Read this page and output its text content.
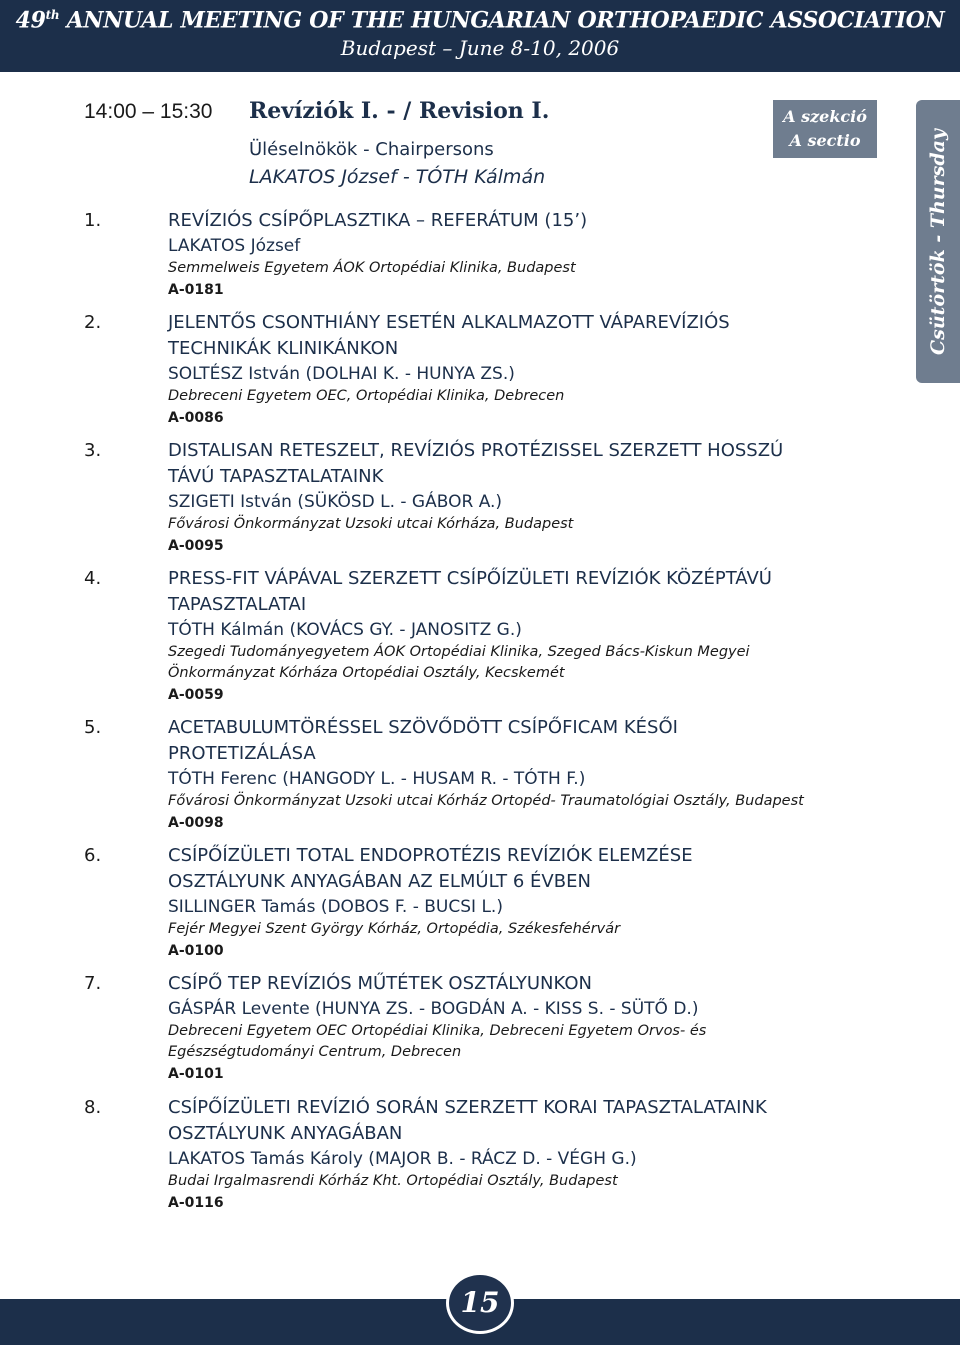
49th ANNUAL MEETING OF THE HUNGARIAN ORTHOPAEDIC ASSOCIATION
Budapest – June 8-10, 2006
14:00 – 15:30 Revíziók I. - / Revision I.
Üléselnökök - Chairpersons
LAKATOS József - TÓTH Kálmán
A szekció
A sectio	Csütörtök - Thursday
1.	REVÍZIÓS CSÍPŐPLASZTIKA – REFERÁTUM (15’)
LAKATOS József
Semmelweis Egyetem ÁOK Ortopédiai Klinika, Budapest
A-0181
2.	JELENTŐS CSONTHIÁNY ESETÉN ALKALMAZOTT VÁPAREVÍZIÓS
TECHNIKÁK KLINIKÁNKON
SOLTÉSZ István (DOLHAI K. - HUNYA ZS.)
Debreceni Egyetem OEC, Ortopédiai Klinika, Debrecen
A-0086
3.	DISTALISAN RETESZELT, REVÍZIÓS PROTÉZISSEL SZERZETT HOSSZÚ
TÁVÚ TAPASZTALATAINK
SZIGETI István (SÜKÖSD L. - GÁBOR A.)
Fővárosi Önkormányzat Uzsoki utcai Kórháza, Budapest
A-0095
4.	PRESS-FIT VÁPÁVAL SZERZETT CSÍPŐÍZÜLETI REVÍZIÓK KÖZÉPTÁVÚ
TAPASZTALATAI
TÓTH Kálmán (KOVÁCS GY. - JANOSITZ G.)
Szegedi Tudományegyetem ÁOK Ortopédiai Klinika, Szeged Bács-Kiskun Megyei
Önkormányzat Kórháza Ortopédiai Osztály, Kecskemét
A-0059
5.	ACETABULUMTÖRÉSSEL SZÖVŐDÖTT CSÍPŐFICAM KÉSŐI
PROTETIZÁLÁSA
TÓTH Ferenc (HANGODY L. - HUSAM R. - TÓTH F.)
Fővárosi Önkormányzat Uzsoki utcai Kórház Ortopéd- Traumatológiai Osztály, Budapest
A-0098
6.	CSÍPŐÍZÜLETI TOTAL ENDOPROTÉZIS REVÍZIÓK ELEMZÉSE
OSZTÁLYUNK ANYAGÁBAN AZ ELMÚLT 6 ÉVBEN
SILLINGER Tamás (DOBOS F. - BUCSI L.)
Fejér Megyei Szent György Kórház, Ortopédia, Székesfehérvár
A-0100
7.	CSÍPŐ TEP REVÍZIÓS MŰTÉTEK OSZTÁLYUNKON
GÁSPÁR Levente (HUNYA ZS. - BOGDÁN A. - KISS S. - SÜTŐ D.)
Debreceni Egyetem OEC Ortopédiai Klinika, Debreceni Egyetem Orvos- és
Egészségtudományi Centrum, Debrecen
A-0101
8.	CSÍPŐÍZÜLETI REVÍZIÓ SORÁN SZERZETT KORAI TAPASZTALATAINK
OSZTÁLYUNK ANYAGÁBAN
LAKATOS Tamás Károly (MAJOR B. - RÁCZ D. - VÉGH G.)
Budai Irgalmasrendi Kórház Kht. Ortopédiai Osztály, Budapest
A-0116
15
